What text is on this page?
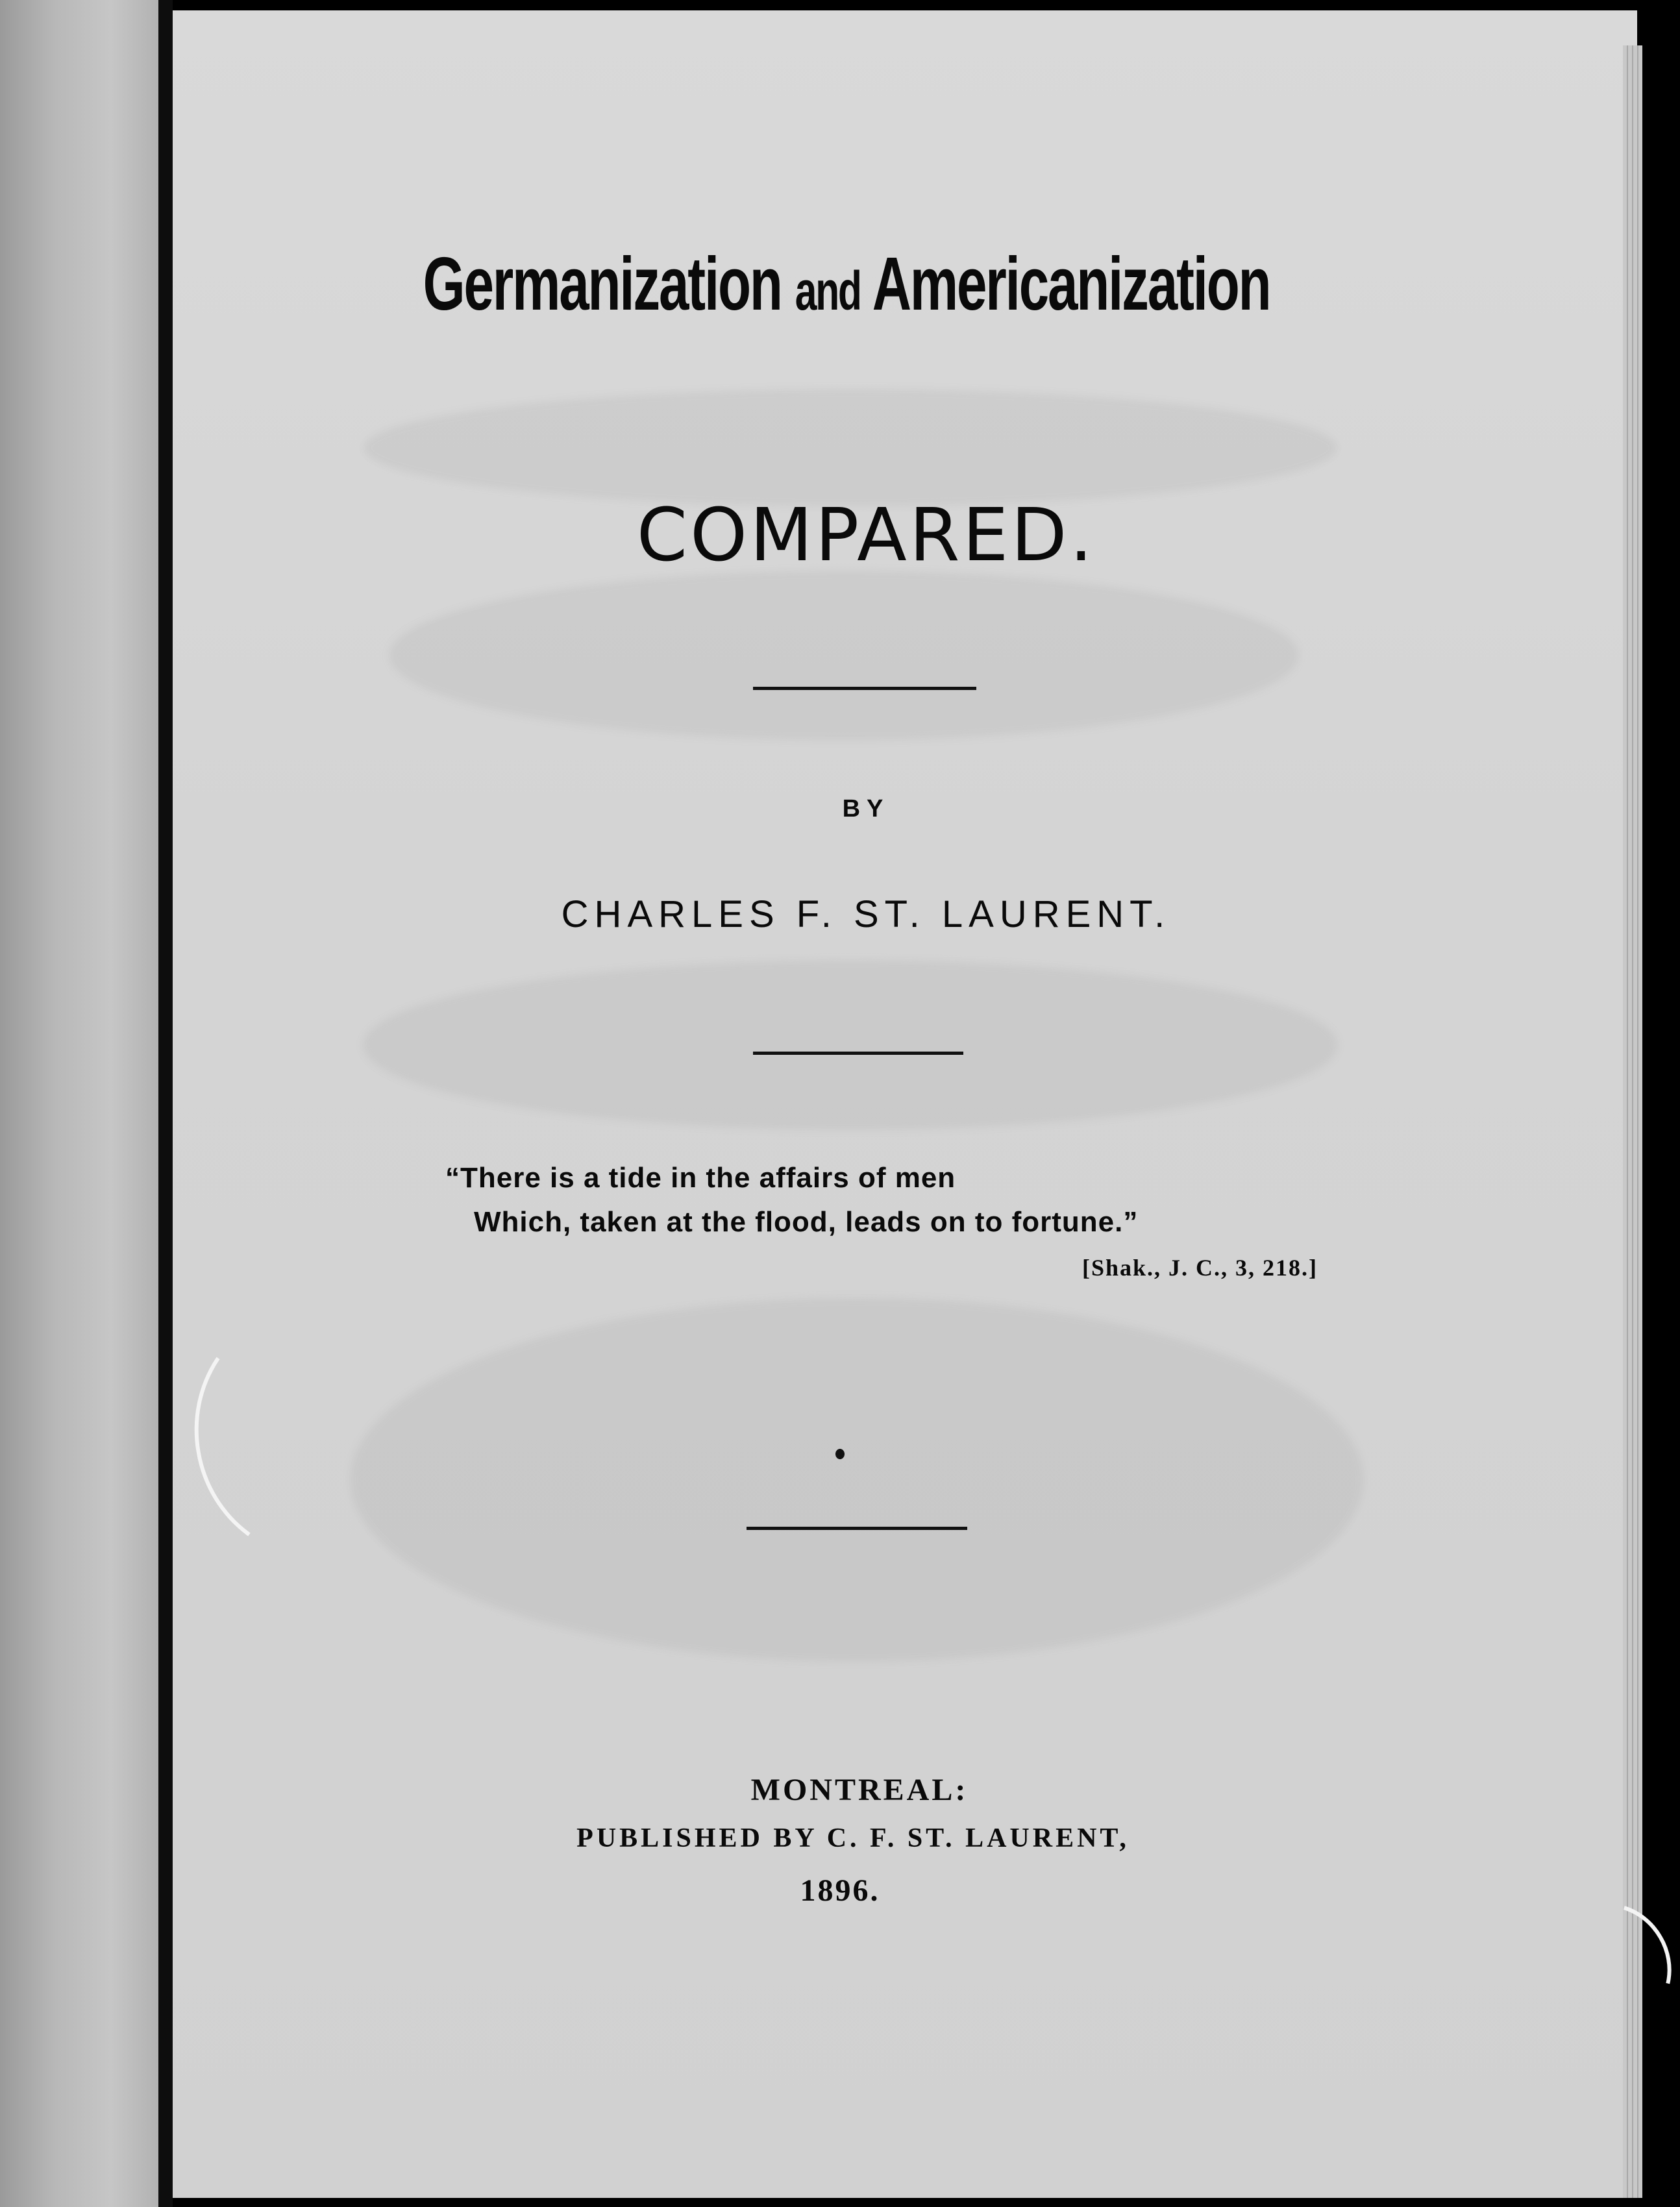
Germanization and Americanization
COMPARED.
BY
CHARLES F. ST. LAURENT.
“There is a tide in the affairs of men
Which, taken at the flood, leads on to fortune.”
[Shak., J. C., 3, 218.]
MONTREAL:
PUBLISHED BY C. F. ST. LAURENT,
1896.
